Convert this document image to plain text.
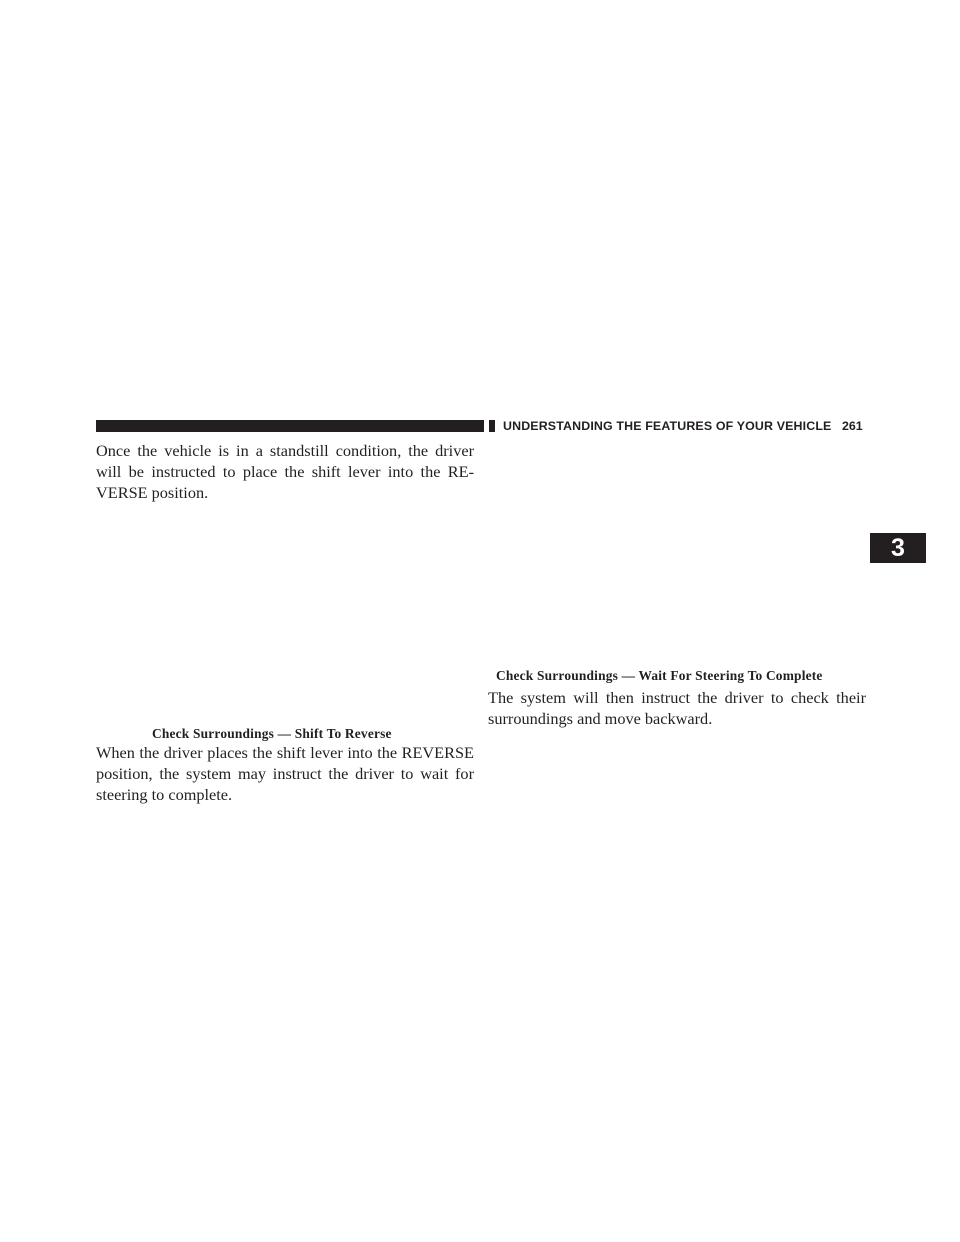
UNDERSTANDING THE FEATURES OF YOUR VEHICLE 261
3

Once the vehicle is in a standstill condition, the driver will be instructed to place the shift lever into the RE-VERSE position.

Check Surroundings — Shift To Reverse

When the driver places the shift lever into the REVERSE position, the system may instruct the driver to wait for steering to complete.

Check Surroundings — Wait For Steering To Complete

The system will then instruct the driver to check their surroundings and move backward.
